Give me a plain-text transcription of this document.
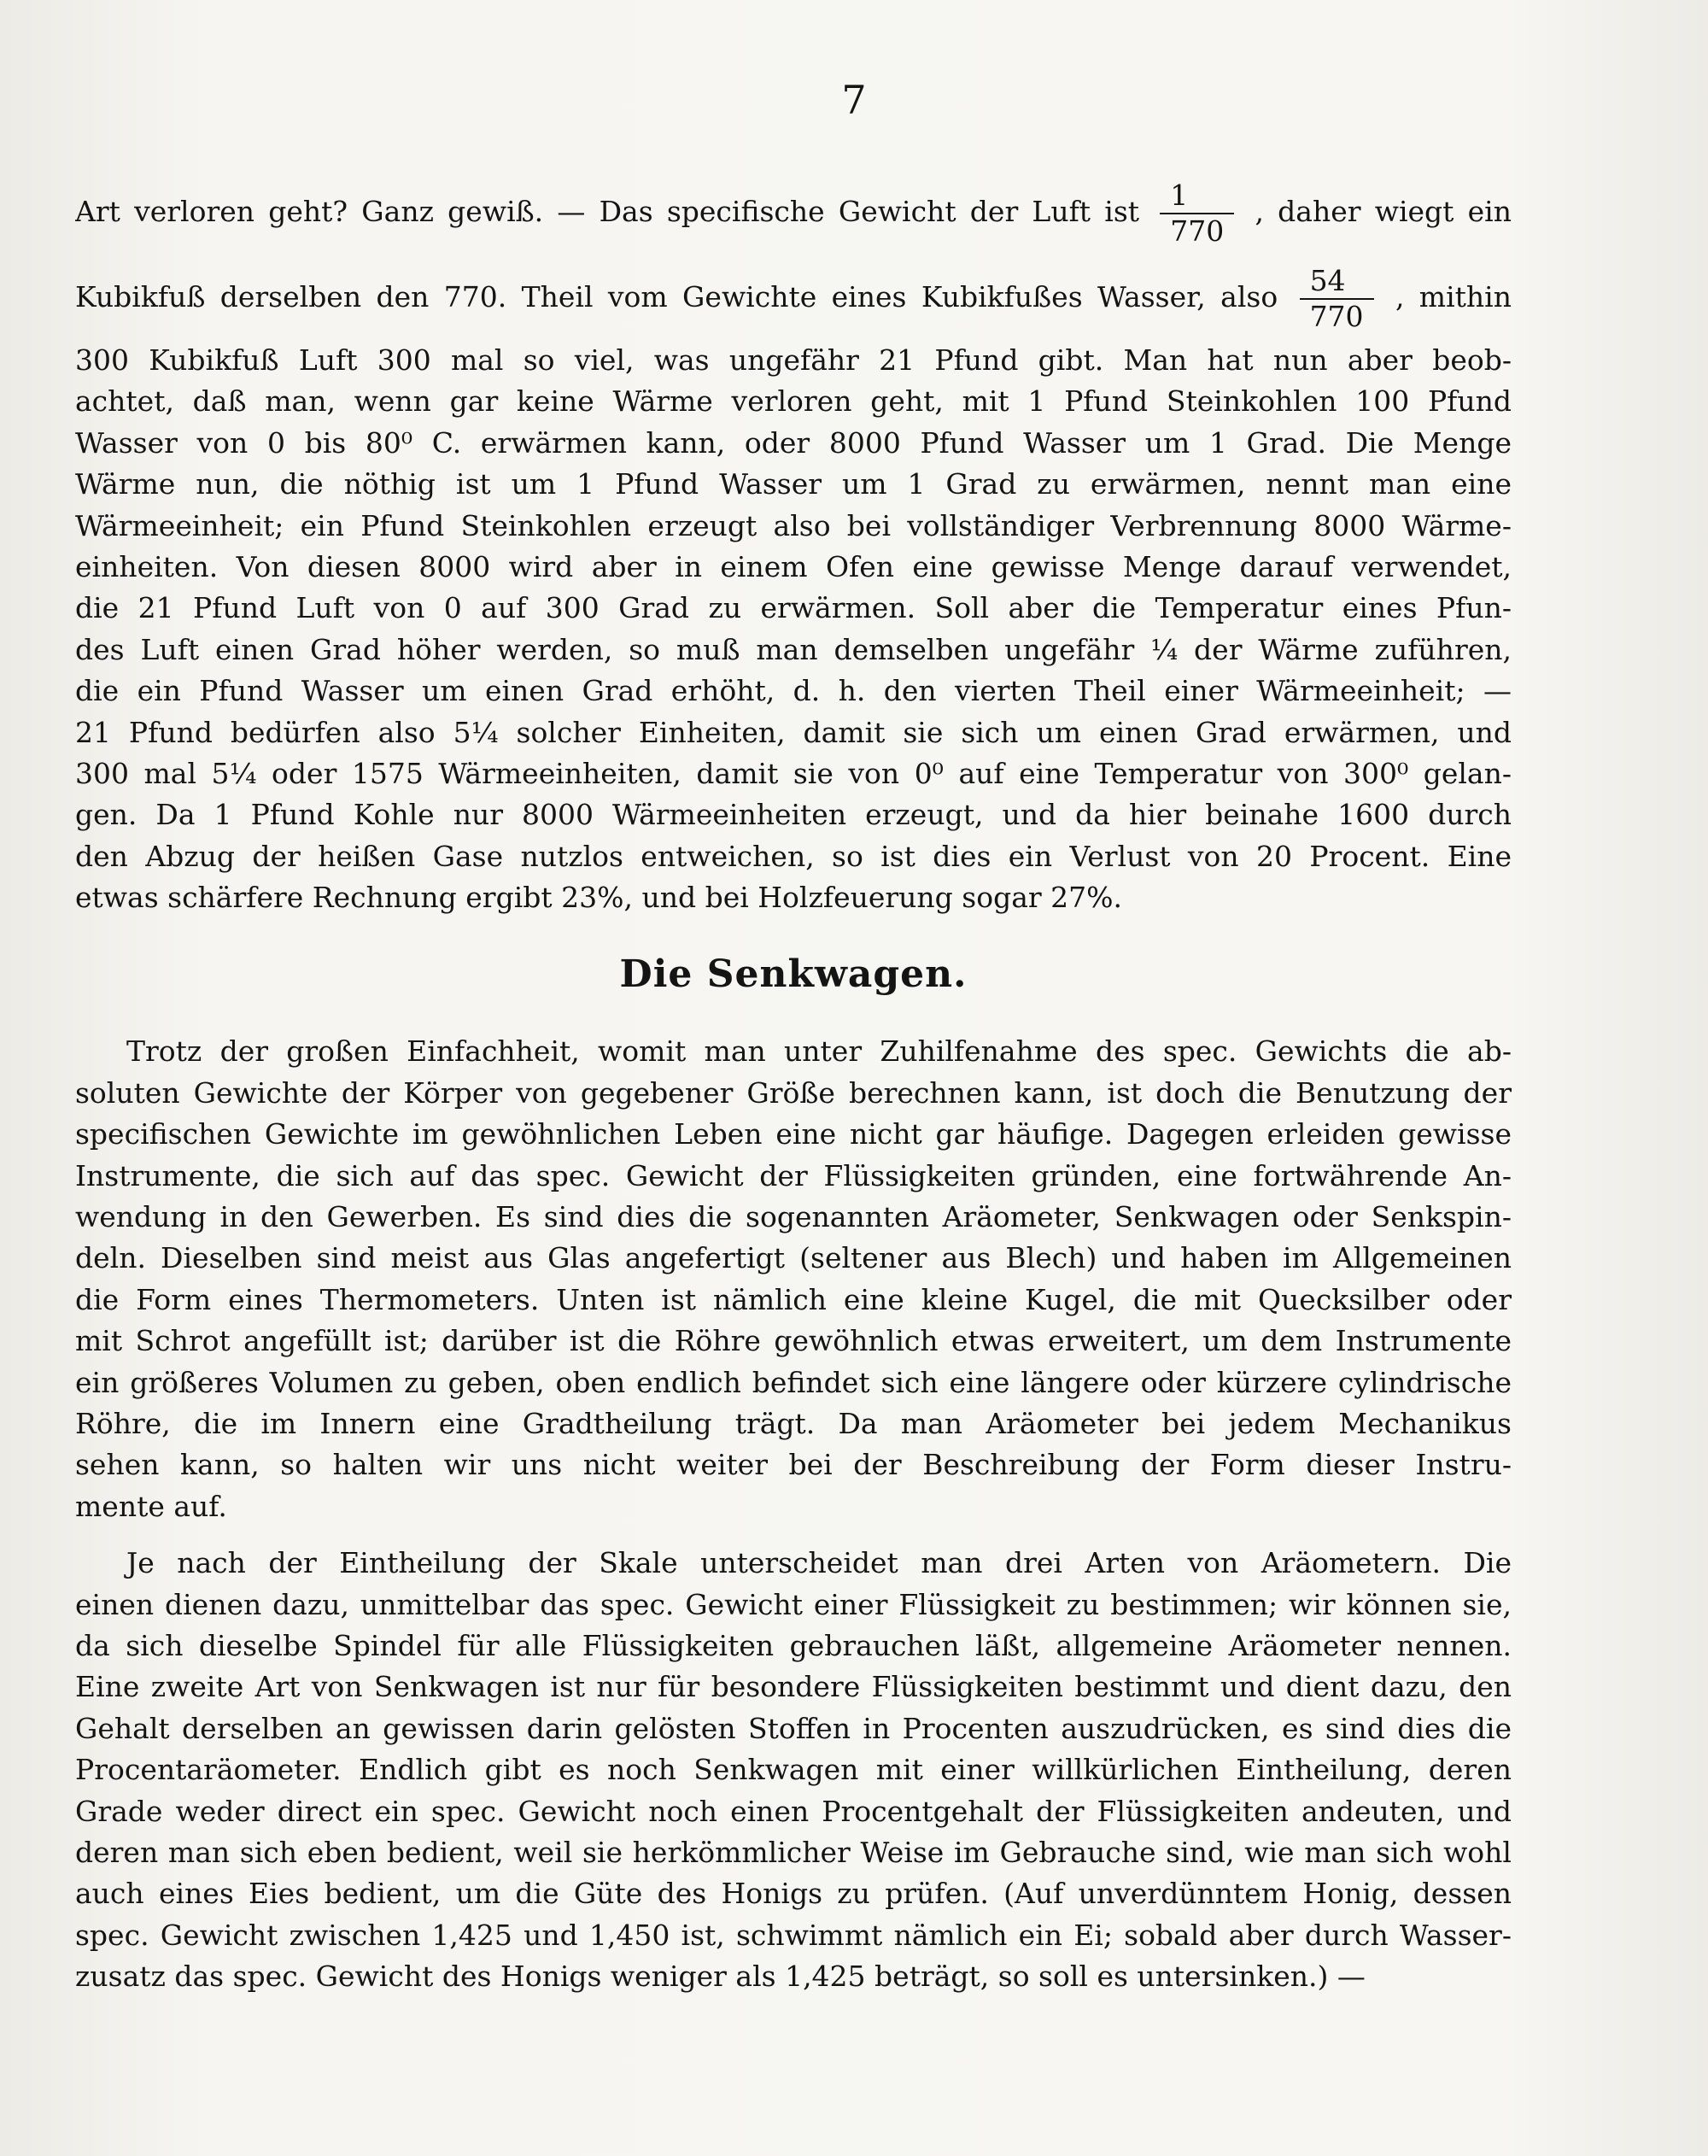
7
Art verloren geht? Ganz gewiß. — Das specifische Gewicht der Luft ist $\frac{1}{770}$ , daher wiegt ein
Kubikfuß derselben den 770. Theil vom Gewichte eines Kubikfußes Wasser, also $\frac{54}{770}$ , mithin
300 Kubikfuß Luft 300 mal so viel, was ungefähr 21 Pfund gibt. Man hat nun aber beob-
achtet, daß man, wenn gar keine Wärme verloren geht, mit 1 Pfund Steinkohlen 100 Pfund
Wasser von 0 bis 80⁰ C. erwärmen kann, oder 8000 Pfund Wasser um 1 Grad. Die Menge
Wärme nun, die nöthig ist um 1 Pfund Wasser um 1 Grad zu erwärmen, nennt man eine
Wärmeeinheit; ein Pfund Steinkohlen erzeugt also bei vollständiger Verbrennung 8000 Wärme-
einheiten. Von diesen 8000 wird aber in einem Ofen eine gewisse Menge darauf verwendet,
die 21 Pfund Luft von 0 auf 300 Grad zu erwärmen. Soll aber die Temperatur eines Pfun-
des Luft einen Grad höher werden, so muß man demselben ungefähr ¼ der Wärme zuführen,
die ein Pfund Wasser um einen Grad erhöht, d. h. den vierten Theil einer Wärmeeinheit; —
21 Pfund bedürfen also 5¼ solcher Einheiten, damit sie sich um einen Grad erwärmen, und
300 mal 5¼ oder 1575 Wärmeeinheiten, damit sie von 0⁰ auf eine Temperatur von 300⁰ gelan-
gen. Da 1 Pfund Kohle nur 8000 Wärmeeinheiten erzeugt, und da hier beinahe 1600 durch
den Abzug der heißen Gase nutzlos entweichen, so ist dies ein Verlust von 20 Procent. Eine
etwas schärfere Rechnung ergibt 23%, und bei Holzfeuerung sogar 27%.
Die Senkwagen.
Trotz der großen Einfachheit, womit man unter Zuhilfenahme des spec. Gewichts die ab-
soluten Gewichte der Körper von gegebener Größe berechnen kann, ist doch die Benutzung der
specifischen Gewichte im gewöhnlichen Leben eine nicht gar häufige. Dagegen erleiden gewisse
Instrumente, die sich auf das spec. Gewicht der Flüssigkeiten gründen, eine fortwährende An-
wendung in den Gewerben. Es sind dies die sogenannten Aräometer, Senkwagen oder Senkspin-
deln. Dieselben sind meist aus Glas angefertigt (seltener aus Blech) und haben im Allgemeinen
die Form eines Thermometers. Unten ist nämlich eine kleine Kugel, die mit Quecksilber oder
mit Schrot angefüllt ist; darüber ist die Röhre gewöhnlich etwas erweitert, um dem Instrumente
ein größeres Volumen zu geben, oben endlich befindet sich eine längere oder kürzere cylindrische
Röhre, die im Innern eine Gradtheilung trägt. Da man Aräometer bei jedem Mechanikus
sehen kann, so halten wir uns nicht weiter bei der Beschreibung der Form dieser Instru-
mente auf.
Je nach der Eintheilung der Skale unterscheidet man drei Arten von Aräometern. Die
einen dienen dazu, unmittelbar das spec. Gewicht einer Flüssigkeit zu bestimmen; wir können sie,
da sich dieselbe Spindel für alle Flüssigkeiten gebrauchen läßt, allgemeine Aräometer nennen.
Eine zweite Art von Senkwagen ist nur für besondere Flüssigkeiten bestimmt und dient dazu, den
Gehalt derselben an gewissen darin gelösten Stoffen in Procenten auszudrücken, es sind dies die
Procentaräometer. Endlich gibt es noch Senkwagen mit einer willkürlichen Eintheilung, deren
Grade weder direct ein spec. Gewicht noch einen Procentgehalt der Flüssigkeiten andeuten, und
deren man sich eben bedient, weil sie herkömmlicher Weise im Gebrauche sind, wie man sich wohl
auch eines Eies bedient, um die Güte des Honigs zu prüfen. (Auf unverdünntem Honig, dessen
spec. Gewicht zwischen 1,425 und 1,450 ist, schwimmt nämlich ein Ei; sobald aber durch Wasser-
zusatz das spec. Gewicht des Honigs weniger als 1,425 beträgt, so soll es untersinken.) —
